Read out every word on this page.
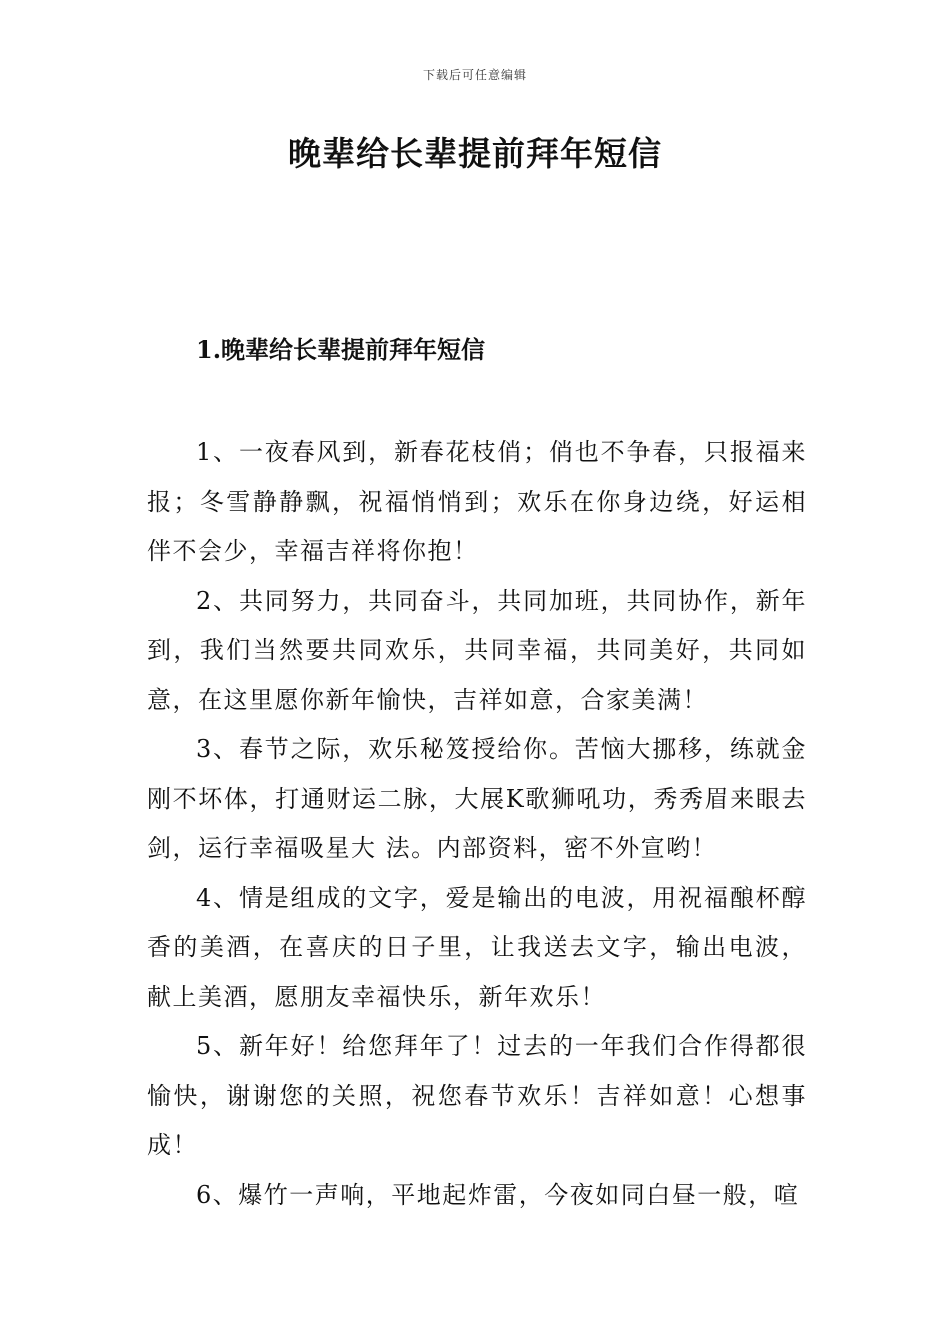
下载后可任意编辑
晚辈给长辈提前拜年短信
1.晚辈给长辈提前拜年短信

1、一夜春风到，新春花枝俏；俏也不争春，只报福来报；冬雪静静飘，祝福悄悄到；欢乐在你身边绕，好运相伴不会少，幸福吉祥将你抱！

2、共同努力，共同奋斗，共同加班，共同协作，新年到，我们当然要共同欢乐，共同幸福，共同美好，共同如意，在这里愿你新年愉快，吉祥如意，合家美满！

3、春节之际，欢乐秘笈授给你。苦恼大挪移，练就金刚不坏体，打通财运二脉，大展K歌狮吼功，秀秀眉来眼去剑，运行幸福吸星大 法。内部资料，密不外宣哟！

4、情是组成的文字，爱是输出的电波，用祝福酿杯醇香的美酒，在喜庆的日子里，让我送去文字，输出电波，献上美酒，愿朋友幸福快乐，新年欢乐！

5、新年好！给您拜年了！过去的一年我们合作得都很愉快，谢谢您的关照，祝您春节欢乐！吉祥如意！心想事成！

6、爆竹一声响，平地起炸雷，今夜如同白昼一般，喧
